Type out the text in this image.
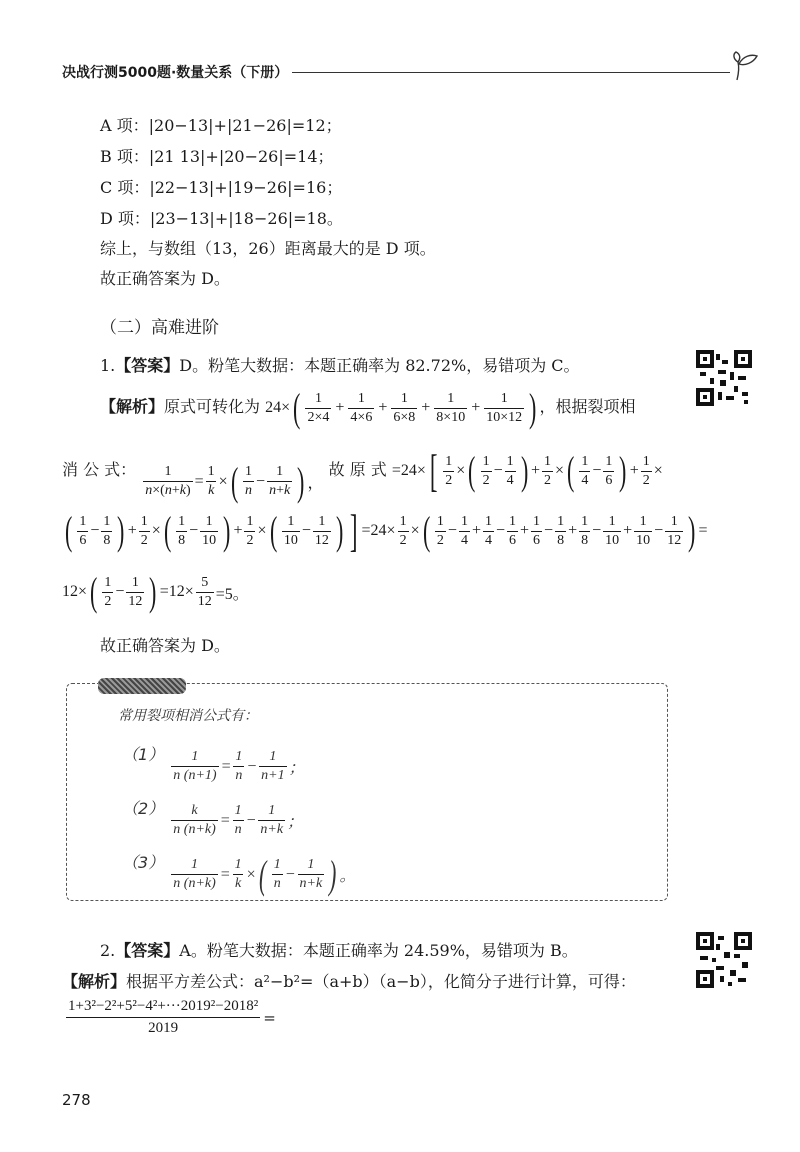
决战行测5000题·数量关系（下册）
A 项：|20−13|+|21−26|=12；
B 项：|21 13|+|20−26|=14；
C 项：|22−13|+|19−26|=16；
D 项：|23−13|+|18−26|=18。
综上，与数组（13，26）距离最大的是 D 项。
故正确答案为 D。
（二）高难进阶
1.【答案】D。粉笔大数据：本题正确率为 82.72%，易错项为 C。
【解析】原式可转化为 24× ( $\frac{1}{2\times 4} + \frac{1}{4\times 6} + \frac{1}{6\times 8} + \frac{1}{8\times 10} + \frac{1}{10\times 12}$ ) ，根据裂项相
消 公 式： $\frac{1}{n\times(n+k)} = \frac{1}{k}$ × ( $\frac{1}{n} - \frac{1}{n+k}$ ) ， 故 原 式 =24× [ $\frac{1}{2}$ × ( $\frac{1}{2} - \frac{1}{4}$ ) + $\frac{1}{2}$ × ( $\frac{1}{4} - \frac{1}{6}$ ) + $\frac{1}{2}$ ×
( $\frac{1}{6} - \frac{1}{8}$ ) + $\frac{1}{2}$ × ( $\frac{1}{8} - \frac{1}{10}$ ) + $\frac{1}{2}$ × ( $\frac{1}{10} - \frac{1}{12}$ ) ] $=24\times \frac{1}{2}$ × ( $\frac{1}{2} - \frac{1}{4} + \frac{1}{4} - \frac{1}{6} + \frac{1}{6} - \frac{1}{8} + \frac{1}{8} - \frac{1}{10} + \frac{1}{10} - \frac{1}{12}$ ) =
12× ( $\frac{1}{2} - \frac{1}{12}$ ) $=12\times \frac{5}{12} =5$。
故正确答案为 D。
常用裂项相消公式有：
$(1) \frac{1}{n (n+1)} = \frac{1}{n} - \frac{1}{n+1}$ ；
$(2) \frac{k}{n (n+k)} = \frac{1}{n} - \frac{1}{n+k}$ ；
$(3) \frac{1}{n (n+k)} = \frac{1}{k}$ × ( $\frac{1}{n} - \frac{1}{n+k}$ ) 。
2.【答案】A。粉笔大数据：本题正确率为 24.59%，易错项为 B。
【解析】根据平方差公式：a²−b²=（a+b）（a−b），化简分子进行计算，可得：
$\frac{\text{1+3²−2²+5²−4²+···2019²−2018²}}{2019}$ =
278
